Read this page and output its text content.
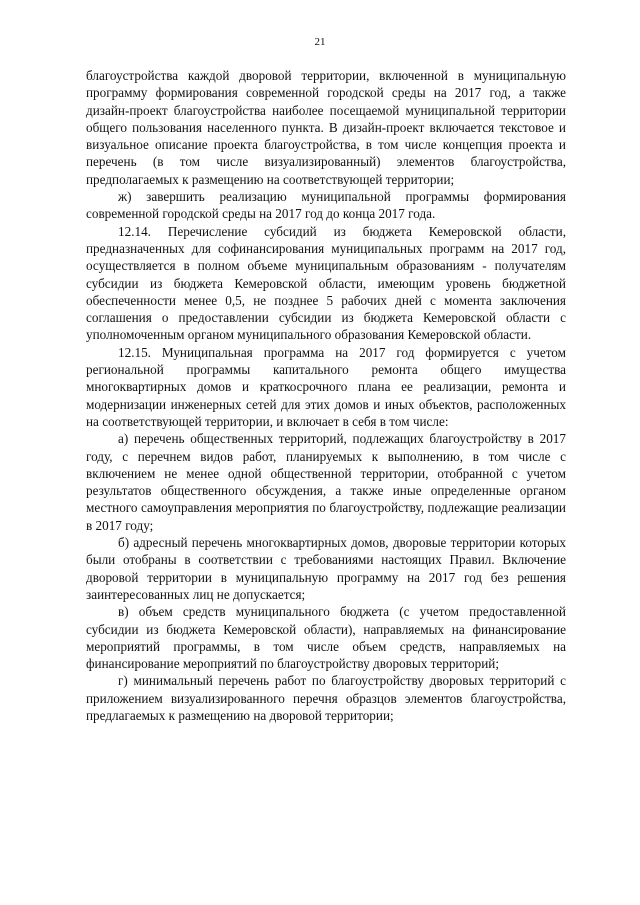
21

благоустройства каждой дворовой территории, включенной в муниципальную программу формирования современной городской среды на 2017 год, а также дизайн-проект благоустройства наиболее посещаемой муниципальной территории общего пользования населенного пункта. В дизайн-проект включается текстовое и визуальное описание проекта благоустройства, в том числе концепция проекта и перечень (в том числе визуализированный) элементов благоустройства, предполагаемых к размещению на соответствующей территории;

ж) завершить реализацию муниципальной программы формирования современной городской среды на 2017 год до конца 2017 года.

12.14. Перечисление субсидий из бюджета Кемеровской области, предназначенных для софинансирования муниципальных программ на 2017 год, осуществляется в полном объеме муниципальным образованиям - получателям субсидии из бюджета Кемеровской области, имеющим уровень бюджетной обеспеченности менее 0,5, не позднее 5 рабочих дней с момента заключения соглашения о предоставлении субсидии из бюджета Кемеровской области с уполномоченным органом муниципального образования Кемеровской области.

12.15. Муниципальная программа на 2017 год формируется с учетом региональной программы капитального ремонта общего имущества многоквартирных домов и краткосрочного плана ее реализации, ремонта и модернизации инженерных сетей для этих домов и иных объектов, расположенных на соответствующей территории, и включает в себя в том числе:

а) перечень общественных территорий, подлежащих благоустройству в 2017 году, с перечнем видов работ, планируемых к выполнению, в том числе с включением не менее одной общественной территории, отобранной с учетом результатов общественного обсуждения, а также иные определенные органом местного самоуправления мероприятия по благоустройству, подлежащие реализации в 2017 году;

б) адресный перечень многоквартирных домов, дворовые территории которых были отобраны в соответствии с требованиями настоящих Правил. Включение дворовой территории в муниципальную программу на 2017 год без решения заинтересованных лиц не допускается;

в) объем средств муниципального бюджета (с учетом предоставленной субсидии из бюджета Кемеровской области), направляемых на финансирование мероприятий программы, в том числе объем средств, направляемых на финансирование мероприятий по благоустройству дворовых территорий;

г) минимальный перечень работ по благоустройству дворовых территорий с приложением визуализированного перечня образцов элементов благоустройства, предлагаемых к размещению на дворовой территории;
